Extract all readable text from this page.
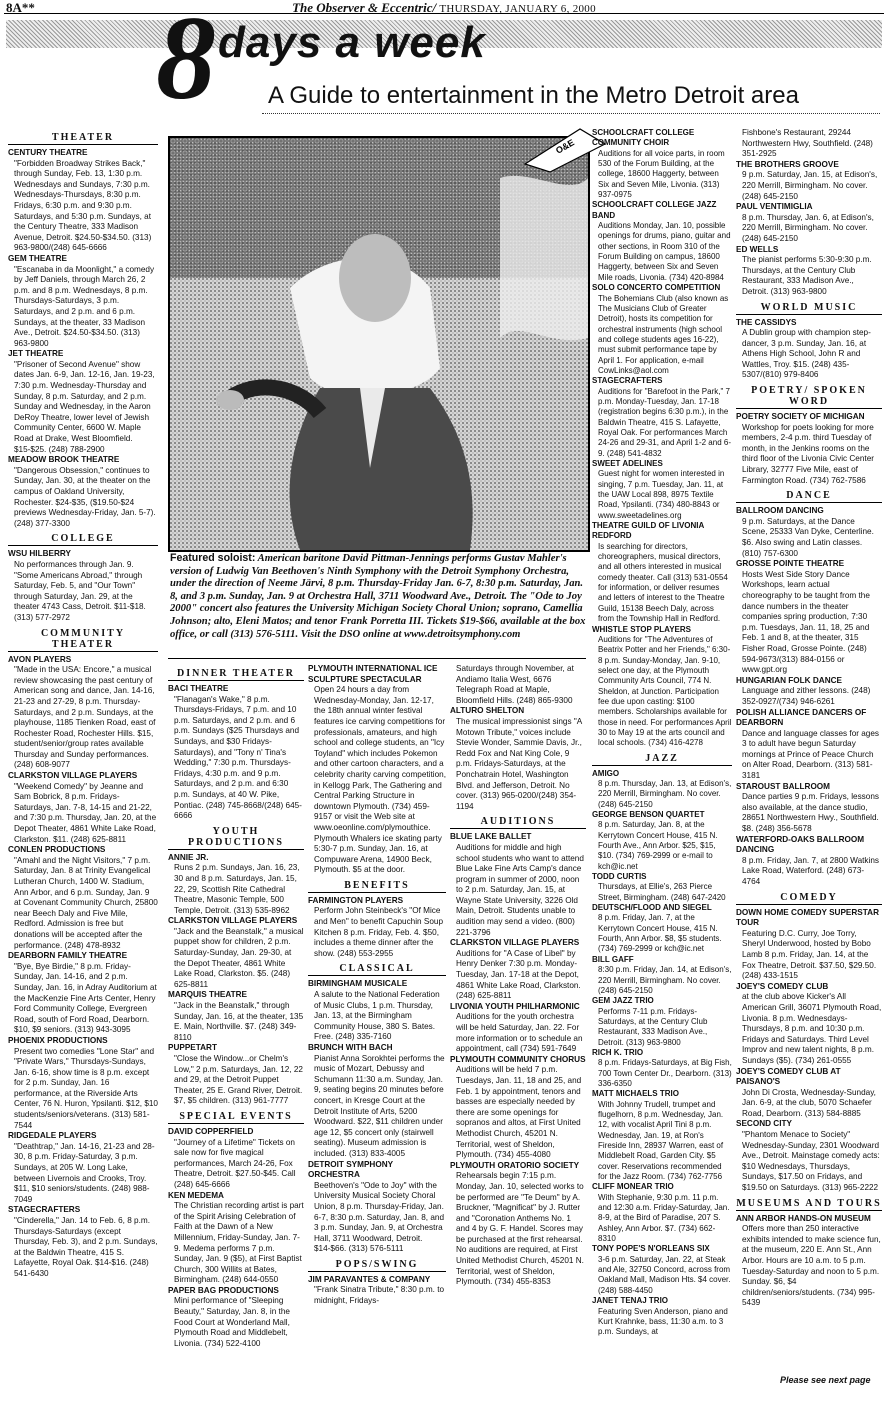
8A**	The Observer & Eccentric/ THURSDAY, JANUARY 6, 2000
8 days a week
A Guide to entertainment in the Metro Detroit area
O&E
Featured soloist: American baritone David Pittman-Jennings performs Gustav Mahler's version of Ludwig Van Beethoven's Ninth Symphony with the Detroit Symphony Orchestra, under the direction of Neeme Järvi, 8 p.m. Thursday-Friday Jan. 6-7, 8:30 p.m. Saturday, Jan. 8, and 3 p.m. Sunday, Jan. 9 at Orchestra Hall, 3711 Woodward Ave., Detroit. The "Ode to Joy 2000" concert also features the University Michigan Society Choral Union; soprano, Camellia Johnson; alto, Eleni Matos; and tenor Frank Porretta III. Tickets $19-$66, available at the box office, or call (313) 576-5111. Visit the DSO online at www.detroitsymphony.com
THEATER
CENTURY THEATRE
"Forbidden Broadway Strikes Back," through Sunday, Feb. 13, 1:30 p.m. Wednesdays and Sundays, 7:30 p.m. Wednesdays-Thursdays, 8:30 p.m. Fridays, 6:30 p.m. and 9:30 p.m. Saturdays, and 5:30 p.m. Sundays, at the Century Theatre, 333 Madison Avenue, Detroit. $24.50-$34.50. (313) 963-9800/(248) 645-6666
GEM THEATRE
"Escanaba in da Moonlight," a comedy by Jeff Daniels, through March 26, 2 p.m. and 8 p.m. Wednesdays, 8 p.m. Thursdays-Saturdays, 3 p.m. Saturdays, and 2 p.m. and 6 p.m. Sundays, at the theater, 33 Madison Ave., Detroit. $24.50-$34.50. (313) 963-9800
JET THEATRE
"Prisoner of Second Avenue" show dates Jan. 6-9, Jan. 12-16, Jan. 19-23, 7:30 p.m. Wednesday-Thursday and Sunday, 8 p.m. Saturday, and 2 p.m. Sunday and Wednesday, in the Aaron DeRoy Theatre, lower level of Jewish Community Center, 6600 W. Maple Road at Drake, West Bloomfield. $15-$25. (248) 788-2900
MEADOW BROOK THEATRE
"Dangerous Obsession," continues to Sunday, Jan. 30, at the theater on the campus of Oakland University, Rochester. $24-$35, ($19.50-$24 previews Wednesday-Friday, Jan. 5-7). (248) 377-3300
COLLEGE
WSU HILBERRY
No performances through Jan. 9. "Some Americans Abroad," through Saturday, Feb. 5, and "Our Town" through Saturday, Jan. 29, at the theater 4743 Cass, Detroit. $11-$18. (313) 577-2972
COMMUNITY THEATER
AVON PLAYERS
"Made in the USA: Encore," a musical review showcasing the past century of American song and dance, Jan. 14-16, 21-23 and 27-29, 8 p.m. Thursday-Saturdays, and 2 p.m. Sundays, at the playhouse, 1185 Tienken Road, east of Rochester Road, Rochester Hills. $15, student/senior/group rates available Thursday and Sunday performances. (248) 608-9077
CLARKSTON VILLAGE PLAYERS
"Weekend Comedy" by Jeanne and Sam Bobrick, 8 p.m. Fridays-Saturdays, Jan. 7-8, 14-15 and 21-22, and 7:30 p.m. Thursday, Jan. 20, at the Depot Theater, 4861 White Lake Road, Clarkston. $11. (248) 625-8811
CONLEN PRODUCTIONS
"Amahl and the Night Visitors," 7 p.m. Saturday, Jan. 8 at Trinity Evangelical Lutheran Church, 1400 W. Stadium, Ann Arbor, and 6 p.m. Sunday, Jan. 9 at Covenant Community Church, 25800 near Beech Daly and Five Mile, Redford. Admission is free but donations will be accepted after the performance. (248) 478-8932
DEARBORN FAMILY THEATRE
"Bye, Bye Birdie," 8 p.m. Friday-Sunday, Jan. 14-16, and 2 p.m. Sunday, Jan. 16, in Adray Auditorium at the MacKenzie Fine Arts Center, Henry Ford Community College, Evergreen Road, south of Ford Road, Dearborn. $10, $9 seniors. (313) 943-3095
PHOENIX PRODUCTIONS
Present two comedies "Lone Star" and "Private Wars," Thursdays-Sundays, Jan. 6-16, show time is 8 p.m. except for 2 p.m. Sunday, Jan. 16 performance, at the Riverside Arts Center, 76 N. Huron, Ypsilanti. $12, $10 students/seniors/veterans. (313) 581-7544
RIDGEDALE PLAYERS
"Deathtrap," Jan. 14-16, 21-23 and 28-30, 8 p.m. Friday-Saturday, 3 p.m. Sundays, at 205 W. Long Lake, between Livernois and Crooks, Troy. $11, $10 seniors/students. (248) 988-7049
STAGECRAFTERS
"Cinderella," Jan. 14 to Feb. 6, 8 p.m. Thursdays-Saturdays (except Thursday, Feb. 3), and 2 p.m. Sundays, at the Baldwin Theatre, 415 S. Lafayette, Royal Oak. $14-$16. (248) 541-6430
DINNER THEATER
BACI THEATRE
"Flanagan's Wake," 8 p.m. Thursdays-Fridays, 7 p.m. and 10 p.m. Saturdays, and 2 p.m. and 6 p.m. Sundays ($25 Thursdays and Sundays, and $30 Fridays-Saturdays), and "Tony n' Tina's Wedding," 7:30 p.m. Thursdays-Fridays, 4:30 p.m. and 9 p.m. Saturdays, and 2 p.m. and 6:30 p.m. Sundays, at 40 W. Pike, Pontiac. (248) 745-8668/(248) 645-6666
YOUTH PRODUCTIONS
ANNIE JR.
Runs 2 p.m. Sundays, Jan. 16, 23, 30 and 8 p.m. Saturdays, Jan. 15, 22, 29, Scottish Rite Cathedral Theatre, Masonic Temple, 500 Temple, Detroit. (313) 535-8962
CLARKSTON VILLAGE PLAYERS
"Jack and the Beanstalk," a musical puppet show for children, 2 p.m. Saturday-Sunday, Jan. 29-30, at the Depot Theater, 4861 White Lake Road, Clarkston. $5. (248) 625-8811
MARQUIS THEATRE
"Jack in the Beanstalk," through Sunday, Jan. 16, at the theater, 135 E. Main, Northville. $7. (248) 349-8110
PUPPETART
"Close the Window...or Chelm's Low," 2 p.m. Saturdays, Jan. 12, 22 and 29, at the Detroit Puppet Theater, 25 E. Grand River, Detroit. $7, $5 children. (313) 961-7777
SPECIAL EVENTS
DAVID COPPERFIELD
"Journey of a Lifetime" Tickets on sale now for five magical performances, March 24-26, Fox Theatre, Detroit. $27.50-$45. Call (248) 645-6666
KEN MEDEMA
The Christian recording artist is part of the Spirit Arising Celebration of Faith at the Dawn of a New Millennium, Friday-Sunday, Jan. 7-9. Medema performs 7 p.m. Sunday, Jan. 9 ($5), at First Baptist Church, 300 Willits at Bates, Birmingham. (248) 644-0550
PAPER BAG PRODUCTIONS
Mini performance of "Sleeping Beauty," Saturday, Jan. 8, in the Food Court at Wonderland Mall, Plymouth Road and Middlebelt, Livonia. (734) 522-4100
PLYMOUTH INTERNATIONAL ICE SCULPTURE SPECTACULAR
Open 24 hours a day from Wednesday-Monday, Jan. 12-17, the 18th annual winter festival features ice carving competitions for professionals, amateurs, and high school and college students, an "Icy Toyland" which includes Pokemon and other cartoon characters, and a celebrity charity carving competition, in Kellogg Park, The Gathering and Central Parking Structure in downtown Plymouth. (734) 459-9157 or visit the Web site at www.oeonline.com/plymouthice. Plymouth Whalers ice skating party 5:30-7 p.m. Sunday, Jan. 16, at Compuware Arena, 14900 Beck, Plymouth. $5 at the door.
BENEFITS
FARMINGTON PLAYERS
Perform John Steinbeck's "Of Mice and Men" to benefit Capuchin Soup Kitchen 8 p.m. Friday, Feb. 4. $50, includes a theme dinner after the show. (248) 553-2955
CLASSICAL
BIRMINGHAM MUSICALE
A salute to the National Federation of Music Clubs, 1 p.m. Thursday, Jan. 13, at the Birmingham Community House, 380 S. Bates. Free. (248) 335-7160
BRUNCH WITH BACH
Pianist Anna Sorokhtei performs the music of Mozart, Debussy and Schumann 11:30 a.m. Sunday, Jan. 9, seating begins 20 minutes before concert, in Kresge Court at the Detroit Institute of Arts, 5200 Woodward. $22, $11 children under age 12, $5 concert only (stairwell seating). Museum admission is included. (313) 833-4005
DETROIT SYMPHONY ORCHESTRA
Beethoven's "Ode to Joy" with the University Musical Society Choral Union, 8 p.m. Thursday-Friday, Jan. 6-7, 8:30 p.m. Saturday, Jan. 8, and 3 p.m. Sunday, Jan. 9, at Orchestra Hall, 3711 Woodward, Detroit. $14-$66. (313) 576-5111
POPS/SWING
JIM PARAVANTES & COMPANY
"Frank Sinatra Tribute," 8:30 p.m. to midnight, Fridays-
Saturdays through November, at Andiamo Italia West, 6676 Telegraph Road at Maple, Bloomfield Hills. (248) 865-9300
ALTURO SHELTON
The musical impressionist sings "A Motown Tribute," voices include Stevie Wonder, Sammie Davis, Jr., Redd Fox and Nat King Cole, 9 p.m. Fridays-Saturdays, at the Ponchatrain Hotel, Washington Blvd. and Jefferson, Detroit. No cover. (313) 965-0200/(248) 354-1194
AUDITIONS
BLUE LAKE BALLET
Auditions for middle and high school students who want to attend Blue Lake Fine Arts Camp's dance program in summer of 2000, noon to 2 p.m. Saturday, Jan. 15, at Wayne State University, 3226 Old Main, Detroit. Students unable to audition may send a video. (800) 221-3796
CLARKSTON VILLAGE PLAYERS
Auditions for "A Case of Libel" by Henry Denker 7:30 p.m. Monday-Tuesday, Jan. 17-18 at the Depot, 4861 White Lake Road, Clarkston. (248) 625-8811
LIVONIA YOUTH PHILHARMONIC
Auditions for the youth orchestra will be held Saturday, Jan. 22. For more information or to schedule an appointment, call (734) 591-7649
PLYMOUTH COMMUNITY CHORUS
Auditions will be held 7 p.m. Tuesdays, Jan. 11, 18 and 25, and Feb. 1 by appointment, tenors and basses are especially needed by there are some openings for sopranos and altos, at First United Methodist Church, 45201 N. Territorial, west of Sheldon, Plymouth. (734) 455-4080
PLYMOUTH ORATORIO SOCIETY
Rehearsals begin 7:15 p.m. Monday, Jan. 10, selected works to be performed are "Te Deum" by A. Bruckner, "Magnificat" by J. Rutter and "Coronation Anthems No. 1 and 4 by G. F. Handel. Scores may be purchased at the first rehearsal. No auditions are required, at First United Methodist Church, 45201 N. Territorial, west of Sheldon, Plymouth. (734) 455-8353
SCHOOLCRAFT COLLEGE COMMUNITY CHOIR
Auditions for all voice parts, in room 530 of the Forum Building, at the college, 18600 Haggerty, between Six and Seven Mile, Livonia. (313) 937-0975
SCHOOLCRAFT COLLEGE JAZZ BAND
Auditions Monday, Jan. 10, possible openings for drums, piano, guitar and other sections, in Room 310 of the Forum Building on campus, 18600 Haggerty, between Six and Seven Mile roads, Livonia. (734) 420-8984
SOLO CONCERTO COMPETITION
The Bohemians Club (also known as The Musicians Club of Greater Detroit), hosts its competition for orchestral instruments (high school and college students ages 16-22), must submit performance tape by April 1. For application, e-mail CowLinks@aol.com
STAGECRAFTERS
Auditions for "Barefoot in the Park," 7 p.m. Monday-Tuesday, Jan. 17-18 (registration begins 6:30 p.m.), in the Baldwin Theatre, 415 S. Lafayette, Royal Oak. For performances March 24-26 and 29-31, and April 1-2 and 6-9. (248) 541-4832
SWEET ADELINES
Guest night for women interested in singing, 7 p.m. Tuesday, Jan. 11, at the UAW Local 898, 8975 Textile Road, Ypsilanti. (734) 480-8843 or www.sweetadelines.org
THEATRE GUILD OF LIVONIA REDFORD
Is searching for directors, choreographers, musical directors, and all others interested in musical comedy theater. Call (313) 531-0554 for information, or deliver resumes and letters of interest to the Theatre Guild, 15138 Beech Daly, across from the Township Hall in Redford.
WHISTLE STOP PLAYERS
Auditions for "The Adventures of Beatrix Potter and her Friends," 6:30-8 p.m. Sunday-Monday, Jan. 9-10, select one day, at the Plymouth Community Arts Council, 774 N. Sheldon, at Junction. Participation fee due upon casting: $100 members. Scholarships available for those in need. For performances April 30 to May 19 at the arts council and local schools. (734) 416-4278
JAZZ
AMIGO
8 p.m. Thursday, Jan. 13, at Edison's, 220 Merrill, Birmingham. No cover. (248) 645-2150
GEORGE BENSON QUARTET
8 p.m. Saturday, Jan. 8, at the Kerrytown Concert House, 415 N. Fourth Ave., Ann Arbor. $25, $15, $10. (734) 769-2999 or e-mail to kch@ic.net
TODD CURTIS
Thursdays, at Ellie's, 263 Pierce Street, Birmingham. (248) 647-2420
DEUTSCH/FLOOD AND SIEGEL
8 p.m. Friday, Jan. 7, at the Kerrytown Concert House, 415 N. Fourth, Ann Arbor. $8, $5 students. (734) 769-2999 or kch@ic.net
BILL GAFF
8:30 p.m. Friday, Jan. 14, at Edison's, 220 Merrill, Birmingham. No cover. (248) 645-2150
GEM JAZZ TRIO
Performs 7-11 p.m. Fridays-Saturdays, at the Century Club Restaurant, 333 Madison Ave., Detroit. (313) 963-9800
RICH K. TRIO
8 p.m. Fridays-Saturdays, at Big Fish, 700 Town Center Dr., Dearborn. (313) 336-6350
MATT MICHAELS TRIO
With Johnny Trudell, trumpet and flugelhorn, 8 p.m. Wednesday, Jan. 12, with vocalist April Tini 8 p.m. Wednesday, Jan. 19, at Ron's Fireside Inn, 28937 Warren, east of Middlebelt Road, Garden City. $5 cover. Reservations recommended for the Jazz Room. (734) 762-7756
CLIFF MONEAR TRIO
With Stephanie, 9:30 p.m. 11 p.m. and 12:30 a.m. Friday-Saturday, Jan. 8-9, at the Bird of Paradise, 207 S. Ashley, Ann Arbor. $7. (734) 662-8310
TONY POPE'S N'ORLEANS SIX
3-6 p.m. Saturday, Jan. 22, at Steak and Ale, 32750 Concord, across from Oakland Mall, Madison Hts. $4 cover. (248) 588-4450
JANET TENAJ TRIO
Featuring Sven Anderson, piano and Kurt Krahnke, bass, 11:30 a.m. to 3 p.m. Sundays, at
Fishbone's Restaurant, 29244 Northwestern Hwy, Southfield. (248) 351-2925
THE BROTHERS GROOVE
9 p.m. Saturday, Jan. 15, at Edison's, 220 Merrill, Birmingham. No cover. (248) 645-2150
PAUL VENTIMIGLIA
8 p.m. Thursday, Jan. 6, at Edison's, 220 Merrill, Birmingham. No cover. (248) 645-2150
ED WELLS
The pianist performs 5:30-9:30 p.m. Thursdays, at the Century Club Restaurant, 333 Madison Ave., Detroit. (313) 963-9800
WORLD MUSIC
THE CASSIDYS
A Dublin group with champion step-dancer, 3 p.m. Sunday, Jan. 16, at Athens High School, John R and Wattles, Troy. $15. (248) 435-5307/(810) 979-8406
POETRY/ SPOKEN WORD
POETRY SOCIETY OF MICHIGAN
Workshop for poets looking for more members, 2-4 p.m. third Tuesday of month, in the Jenkins rooms on the third floor of the Livonia Civic Center Library, 32777 Five Mile, east of Farmington Road. (734) 762-7586
DANCE
BALLROOM DANCING
9 p.m. Saturdays, at the Dance Scene, 25333 Van Dyke, Centerline. $6. Also swing and Latin classes. (810) 757-6300
GROSSE POINTE THEATRE
Hosts West Side Story Dance Workshops, learn actual choreography to be taught from the dance numbers in the theater companies spring production, 7:30 p.m. Tuesdays, Jan. 11, 18, 25 and Feb. 1 and 8, at the theater, 315 Fisher Road, Grosse Pointe. (248) 594-9673/(313) 884-0156 or www.gpt.org
HUNGARIAN FOLK DANCE
Language and zither lessons. (248) 352-0927/(734) 946-6261
POLISH ALLIANCE DANCERS OF DEARBORN
Dance and language classes for ages 3 to adult have begun Saturday mornings at Prince of Peace Church on Alter Road, Dearborn. (313) 581-3181
STAROUST BALLROOM
Dance parties 9 p.m. Fridays, lessons also available, at the dance studio, 28651 Northwestern Hwy., Southfield. $8. (248) 356-5678
WATERFORD-OAKS BALLROOM DANCING
8 p.m. Friday, Jan. 7, at 2800 Watkins Lake Road, Waterford. (248) 673-4764
COMEDY
DOWN HOME COMEDY SUPERSTAR TOUR
Featuring D.C. Curry, Joe Torry, Sheryl Underwood, hosted by Bobo Lamb 8 p.m. Friday, Jan. 14, at the Fox Theatre, Detroit. $37.50, $29.50. (248) 433-1515
JOEY'S COMEDY CLUB
at the club above Kicker's All American Grill, 36071 Plymouth Road, Livonia. 8 p.m. Wednesdays-Thursdays, 8 p.m. and 10:30 p.m. Fridays and Saturdays. Third Level Improv and new talent nights, 8 p.m. Sundays ($5). (734) 261-0555
JOEY'S COMEDY CLUB AT PAISANO'S
John Di Crosta, Wednesday-Sunday, Jan. 6-9, at the club, 5070 Schaefer Road, Dearborn. (313) 584-8885
SECOND CITY
"Phantom Menace to Society" Wednesday-Sunday, 2301 Woodward Ave., Detroit. Mainstage comedy acts: $10 Wednesdays, Thursdays, Sundays, $17.50 on Fridays, and $19.50 on Saturdays. (313) 965-2222
MUSEUMS AND TOURS
ANN ARBOR HANDS-ON MUSEUM
Offers more than 250 interactive exhibits intended to make science fun, at the museum, 220 E. Ann St., Ann Arbor. Hours are 10 a.m. to 5 p.m. Tuesday-Saturday and noon to 5 p.m. Sunday. $6, $4 children/seniors/students. (734) 995-5439
Please see next page
